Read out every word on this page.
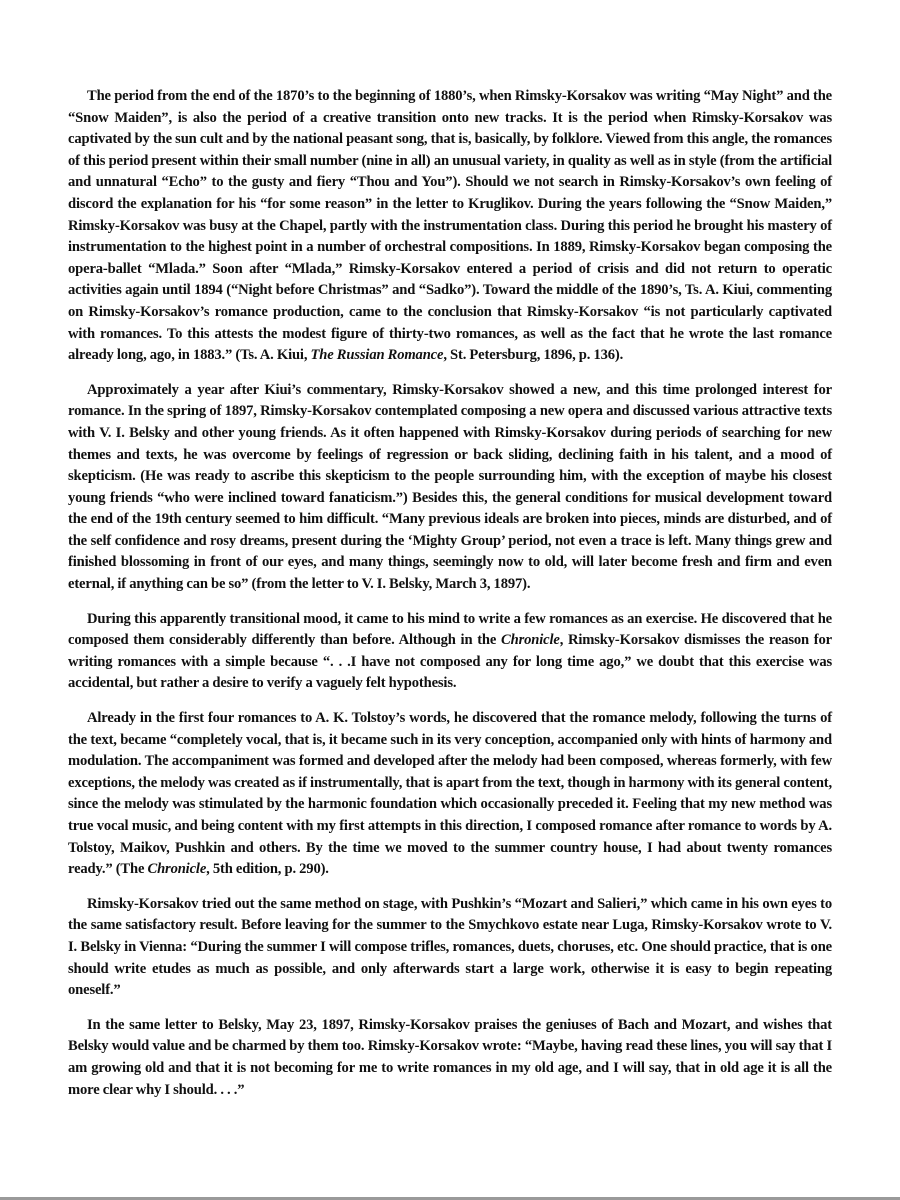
The period from the end of the 1870’s to the beginning of 1880’s, when Rimsky-Korsakov was writing “May Night” and the “Snow Maiden”, is also the period of a creative transition onto new tracks. It is the period when Rimsky-Korsakov was captivated by the sun cult and by the national peasant song, that is, basically, by folklore. Viewed from this angle, the romances of this period present within their small number (nine in all) an unusual variety, in quality as well as in style (from the artificial and unnatural “Echo” to the gusty and fiery “Thou and You”). Should we not search in Rimsky-Korsakov’s own feeling of discord the explanation for his “for some reason” in the letter to Kruglikov. During the years following the “Snow Maiden,” Rimsky-Korsakov was busy at the Chapel, partly with the instrumentation class. During this period he brought his mastery of instrumentation to the highest point in a number of orchestral compositions. In 1889, Rimsky-Korsakov began composing the opera-ballet “Mlada.” Soon after “Mlada,” Rimsky-Korsakov entered a period of crisis and did not return to operatic activities again until 1894 (“Night before Christmas” and “Sadko”). Toward the middle of the 1890’s, Ts. A. Kiui, commenting on Rimsky-Korsakov’s romance production, came to the conclusion that Rimsky-Korsakov “is not particularly captivated with romances. To this attests the modest figure of thirty-two romances, as well as the fact that he wrote the last romance already long, ago, in 1883.” (Ts. A. Kiui, The Russian Romance, St. Petersburg, 1896, p. 136).

Approximately a year after Kiui’s commentary, Rimsky-Korsakov showed a new, and this time prolonged interest for romance. In the spring of 1897, Rimsky-Korsakov contemplated composing a new opera and discussed various attractive texts with V. I. Belsky and other young friends. As it often happened with Rimsky-Korsakov during periods of searching for new themes and texts, he was overcome by feelings of regression or back sliding, declining faith in his talent, and a mood of skepticism. (He was ready to ascribe this skepticism to the people surrounding him, with the exception of maybe his closest young friends “who were inclined toward fanaticism.”) Besides this, the general conditions for musical development toward the end of the 19th century seemed to him difficult. “Many previous ideals are broken into pieces, minds are disturbed, and of the self confidence and rosy dreams, present during the ‘Mighty Group’ period, not even a trace is left. Many things grew and finished blossoming in front of our eyes, and many things, seemingly now to old, will later become fresh and firm and even eternal, if anything can be so” (from the letter to V. I. Belsky, March 3, 1897).

During this apparently transitional mood, it came to his mind to write a few romances as an exercise. He discovered that he composed them considerably differently than before. Although in the Chronicle, Rimsky-Korsakov dismisses the reason for writing romances with a simple because “. . .I have not composed any for long time ago,” we doubt that this exercise was accidental, but rather a desire to verify a vaguely felt hypothesis.

Already in the first four romances to A. K. Tolstoy’s words, he discovered that the romance melody, following the turns of the text, became “completely vocal, that is, it became such in its very conception, accompanied only with hints of harmony and modulation. The accompaniment was formed and developed after the melody had been composed, whereas formerly, with few exceptions, the melody was created as if instrumentally, that is apart from the text, though in harmony with its general content, since the melody was stimulated by the harmonic foundation which occasionally preceded it. Feeling that my new method was true vocal music, and being content with my first attempts in this direction, I composed romance after romance to words by A. Tolstoy, Maikov, Pushkin and others. By the time we moved to the summer country house, I had about twenty romances ready.” (The Chronicle, 5th edition, p. 290).

Rimsky-Korsakov tried out the same method on stage, with Pushkin’s “Mozart and Salieri,” which came in his own eyes to the same satisfactory result. Before leaving for the summer to the Smychkovo estate near Luga, Rimsky-Korsakov wrote to V. I. Belsky in Vienna: “During the summer I will compose trifles, romances, duets, choruses, etc. One should practice, that is one should write etudes as much as possible, and only afterwards start a large work, otherwise it is easy to begin repeating oneself.”

In the same letter to Belsky, May 23, 1897, Rimsky-Korsakov praises the geniuses of Bach and Mozart, and wishes that Belsky would value and be charmed by them too. Rimsky-Korsakov wrote: “Maybe, having read these lines, you will say that I am growing old and that it is not becoming for me to write romances in my old age, and I will say, that in old age it is all the more clear why I should. . . .”
